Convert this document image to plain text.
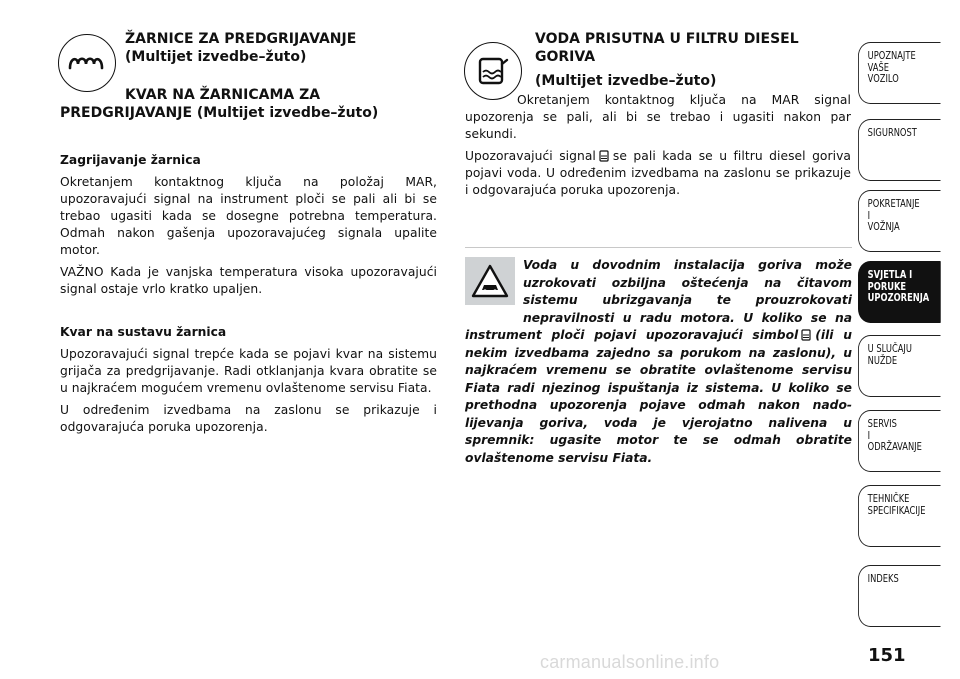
ŽARNICE ZA PREDGRIJAVANJE
(Multijet izvedbe–žuto)
KVAR NA ŽARNICAMA ZA
PREDGRIJAVANJE (Multijet izvedbe–žuto)

Zagrijavanje žarnica

Okretanjem kontaktnog ključa na položaj MAR, upozoravajući signal na instrument ploči se pali ali bi se trebao ugasiti kada se dosegne potrebna temperatura. Odmah nakon gašenja upozoravajućeg signala upalite motor.

VAŽNO Kada je vanjska temperatura visoka upozoravajući signal ostaje vrlo kratko upaljen.

Kvar na sustavu žarnica

Upozoravajući signal trepće kada se pojavi kvar na sistemu grijača za predgrijavanje. Radi otklanjanja kvara obratite se u najkraćem mogućem vremenu ovlaštenome servisu Fiata.

U određenim izvedbama na zaslonu se prikazuje i odgovarajuća poruka upozorenja.

VODA PRISUTNA U FILTRU DIESEL
GORIVA
(Multijet izvedbe–žuto)

Okretanjem kontaktnog ključa na MAR signal upozorenja se pali, ali bi se trebao i ugasiti nakon par sekundi.

Upozoravajući signal se pali kada se u filtru diesel goriva pojavi voda. U određenim izvedbama na zaslonu se prikazuje i odgovarajuća poruka upozorenja.

Voda u dovodnim instalacija goriva može uzrokovati ozbiljna oštećenja na čitavom sistemu ubrizgavanja te prouzrokovati nepravilnosti u radu motora. U koliko se na instrument ploči pojavi upozoravajući simbol (ili u nekim izvedbama zajedno sa porukom na zaslonu), u najkraćem vremenu se obratite ovlaštenome servisu Fiata radi njezinog ispuštanja iz sistema. U koliko se prethodna upozorenja pojave odmah nakon nado-lijevanja goriva, voda je vjerojatno nalivena u spremnik: ugasite motor te se odmah obratite ovlaštenome servisu Fiata.
UPOZNAJTE
VAŠE
VOZILO
SIGURNOST
POKRETANJE
I
VOŽNJA
SVJETLA I
PORUKE
UPOZORENJA
U SLUČAJU
NUŽDE
SERVIS
I
ODRŽAVANJE
TEHNIČKE
SPECIFIKACIJE
INDEKS
151
carmanualsonline.info
